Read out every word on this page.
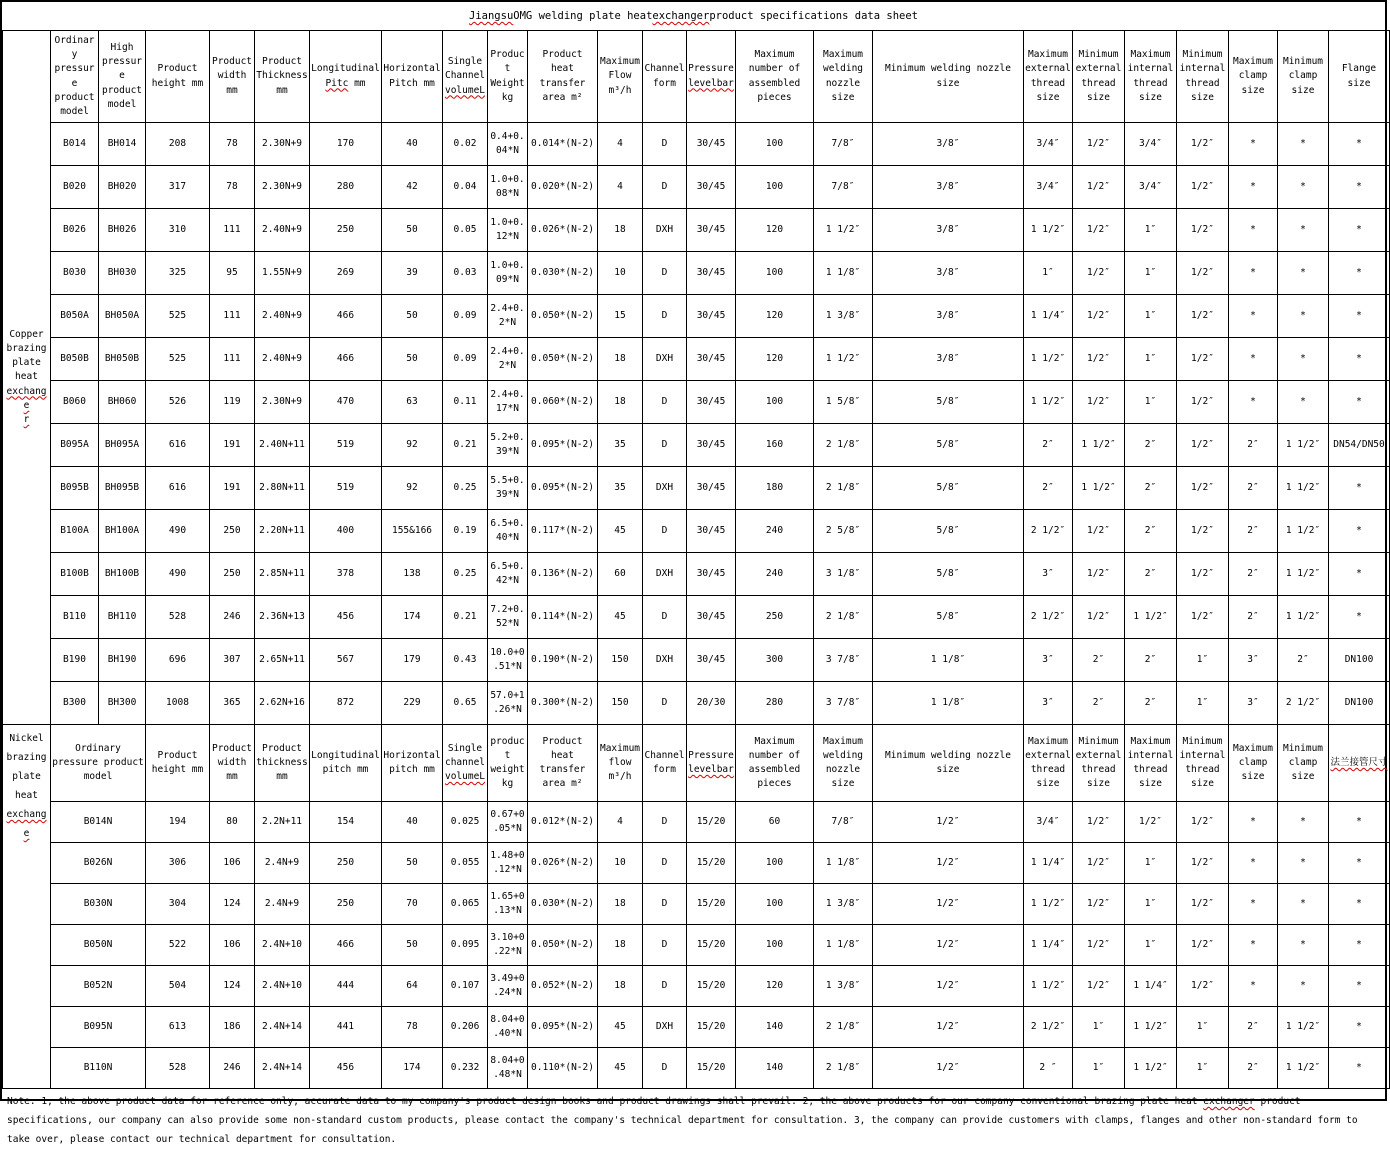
Jiangsu OMG welding plate heat exchanger product specifications data sheet
Copper
brazing
plate
heat
exchange
r
	Ordinary pressure product model	High pressure product model	Product height mm	Product width mm	Product Thickness mm	Longitudinal Pitc mm	Horizontal Pitch mm	Single Channel volumeL	Product Weight kg	Product heat transfer area m²	Maximum Flow m³/h	Channel form	Pressure levelbar	Maximum number of assembled pieces	Maximum welding nozzle size	Minimum welding nozzle size	Maximum external thread size	Minimum external thread size	Maximum internal thread size	Minimum internal thread size	Maximum clamp size	Minimum clamp size	Flange size
	B014	BH014	208	78	2.30N+9	170	40	0.02	0.4+0.04*N	0.014*(N-2)	4	D	30/45	100	7/8″	3/8″	3/4″	1/2″	3/4″	1/2″	*	*	*
	B020	BH020	317	78	2.30N+9	280	42	0.04	1.0+0.08*N	0.020*(N-2)	4	D	30/45	100	7/8″	3/8″	3/4″	1/2″	3/4″	1/2″	*	*	*
	B026	BH026	310	111	2.40N+9	250	50	0.05	1.0+0.12*N	0.026*(N-2)	18	DXH	30/45	120	1 1/2″	3/8″	1 1/2″	1/2″	1″	1/2″	*	*	*
	B030	BH030	325	95	1.55N+9	269	39	0.03	1.0+0.09*N	0.030*(N-2)	10	D	30/45	100	1 1/8″	3/8″	1″	1/2″	1″	1/2″	*	*	*
	B050A	BH050A	525	111	2.40N+9	466	50	0.09	2.4+0.2*N	0.050*(N-2)	15	D	30/45	120	1 3/8″	3/8″	1 1/4″	1/2″	1″	1/2″	*	*	*
	B050B	BH050B	525	111	2.40N+9	466	50	0.09	2.4+0.2*N	0.050*(N-2)	18	DXH	30/45	120	1 1/2″	3/8″	1 1/2″	1/2″	1″	1/2″	*	*	*
	B060	BH060	526	119	2.30N+9	470	63	0.11	2.4+0.17*N	0.060*(N-2)	18	D	30/45	100	1 5/8″	5/8″	1 1/2″	1/2″	1″	1/2″	*	*	*
	B095A	BH095A	616	191	2.40N+11	519	92	0.21	5.2+0.39*N	0.095*(N-2)	35	D	30/45	160	2 1/8″	5/8″	2″	1 1/2″	2″	1/2″	2″	1 1/2″	DN54/DN50
	B095B	BH095B	616	191	2.80N+11	519	92	0.25	5.5+0.39*N	0.095*(N-2)	35	DXH	30/45	180	2 1/8″	5/8″	2″	1 1/2″	2″	1/2″	2″	1 1/2″	*
	B100A	BH100A	490	250	2.20N+11	400	155&166	0.19	6.5+0.40*N	0.117*(N-2)	45	D	30/45	240	2 5/8″	5/8″	2 1/2″	1/2″	2″	1/2″	2″	1 1/2″	*
	B100B	BH100B	490	250	2.85N+11	378	138	0.25	6.5+0.42*N	0.136*(N-2)	60	DXH	30/45	240	3 1/8″	5/8″	3″	1/2″	2″	1/2″	2″	1 1/2″	*
	B110	BH110	528	246	2.36N+13	456	174	0.21	7.2+0.52*N	0.114*(N-2)	45	D	30/45	250	2 1/8″	5/8″	2 1/2″	1/2″	1 1/2″	1/2″	2″	1 1/2″	*
	B190	BH190	696	307	2.65N+11	567	179	0.43	10.0+0.51*N	0.190*(N-2)	150	DXH	30/45	300	3 7/8″	1 1/8″	3″	2″	2″	1″	3″	2″	DN100
	B300	BH300	1008	365	2.62N+16	872	229	0.65	57.0+1.26*N	0.300*(N-2)	150	D	20/30	280	3 7/8″	1 1/8″	3″	2″	2″	1″	3″	2 1/2″	DN100

Nickel
brazing
plate
heat
exchange	Ordinary pressure product model		Product height mm	Product width mm	Product thickness mm	Longitudinal pitch mm	Horizontal pitch mm	Single channel volumeL	product weight kg	Product heat transfer area m²	Maximum flow m³/h	Channel form	Pressure levelbar	Maximum number of assembled pieces	Maximum welding nozzle size	Minimum welding nozzle size	Maximum external thread size	Minimum external thread size	Maximum internal thread size	Minimum internal thread size	Maximum clamp size	Minimum clamp size	法兰接管尺寸
	B014N		194	80	2.2N+11	154	40	0.025	0.67+0.05*N	0.012*(N-2)	4	D	15/20	60	7/8″	1/2″	3/4″	1/2″	1/2″	1/2″	*	*	*
	B026N		306	106	2.4N+9	250	50	0.055	1.48+0.12*N	0.026*(N-2)	10	D	15/20	100	1 1/8″	1/2″	1 1/4″	1/2″	1″	1/2″	*	*	*
	B030N		304	124	2.4N+9	250	70	0.065	1.65+0.13*N	0.030*(N-2)	18	D	15/20	100	1 3/8″	1/2″	1 1/2″	1/2″	1″	1/2″	*	*	*
	B050N		522	106	2.4N+10	466	50	0.095	3.10+0.22*N	0.050*(N-2)	18	D	15/20	100	1 1/8″	1/2″	1 1/4″	1/2″	1″	1/2″	*	*	*
	B052N		504	124	2.4N+10	444	64	0.107	3.49+0.24*N	0.052*(N-2)	18	D	15/20	120	1 3/8″	1/2″	1 1/2″	1/2″	1 1/4″	1/2″	*	*	*
	B095N		613	186	2.4N+14	441	78	0.206	8.04+0.40*N	0.095*(N-2)	45	DXH	15/20	140	2 1/8″	1/2″	2 1/2″	1″	1 1/2″	1″	2″	1 1/2″	*
	B110N		528	246	2.4N+14	456	174	0.232	8.04+0.48*N	0.110*(N-2)	45	D	15/20	140	2 1/8″	1/2″	2 ″	1″	1 1/2″	1″	2″	1 1/2″	*
Note: 1, the above product data for reference only, accurate data to my company's product design books and product drawings shall prevail. 2, the above products for our company conventional brazing plate heat exchanger product specifications, our company can also provide some non-standard custom products, please contact the company's technical department for consultation. 3, the company can provide customers with clamps, flanges and other non-standard form to take over, please contact our technical department for consultation.
